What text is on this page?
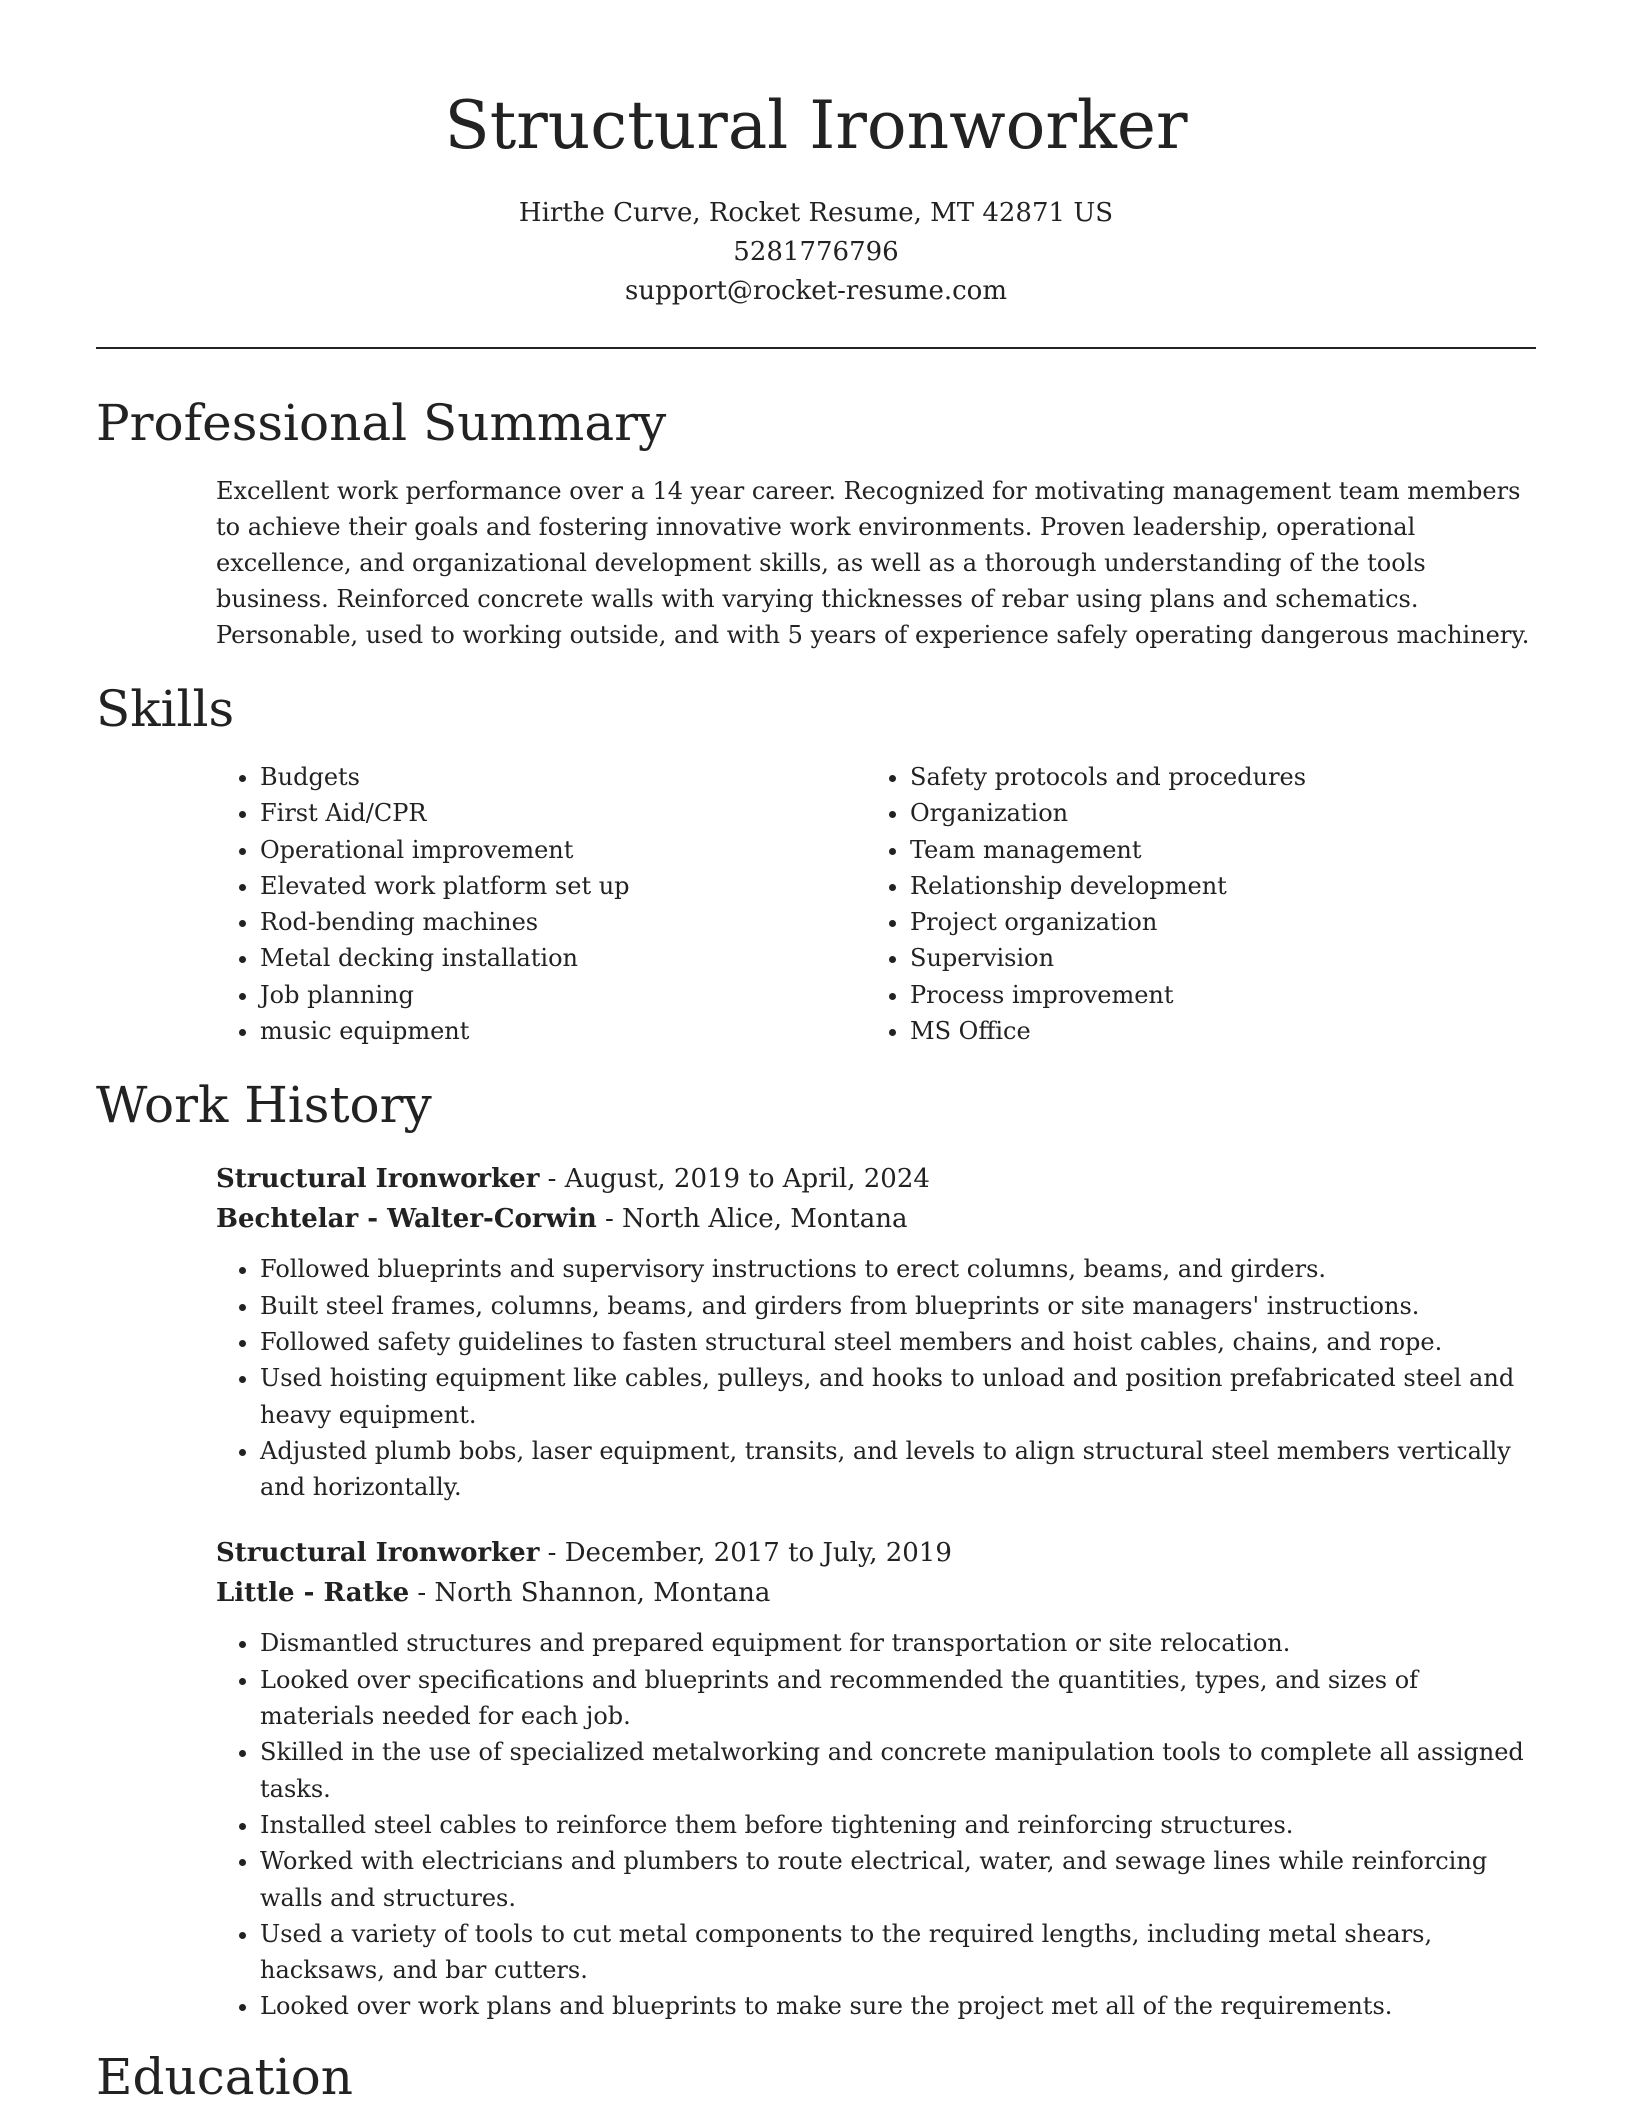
Structural Ironworker
Hirthe Curve, Rocket Resume, MT 42871 US
5281776796
support@rocket-resume.com
Professional Summary

Excellent work performance over a 14 year career. Recognized for motivating management team members to achieve their goals and fostering innovative work environments. Proven leadership, operational excellence, and organizational development skills, as well as a thorough understanding of the tools business. Reinforced concrete walls with varying thicknesses of rebar using plans and schematics. Personable, used to working outside, and with 5 years of experience safely operating dangerous machinery.

Skills
• Budgets
• First Aid/CPR
• Operational improvement
• Elevated work platform set up
• Rod-bending machines
• Metal decking installation
• Job planning
• music equipment
• Safety protocols and procedures
• Organization
• Team management
• Relationship development
• Project organization
• Supervision
• Process improvement
• MS Office
Work History
Structural Ironworker - August, 2019 to April, 2024
Bechtelar - Walter-Corwin - North Alice, Montana
• Followed blueprints and supervisory instructions to erect columns, beams, and girders.
• Built steel frames, columns, beams, and girders from blueprints or site managers' instructions.
• Followed safety guidelines to fasten structural steel members and hoist cables, chains, and rope.
• Used hoisting equipment like cables, pulleys, and hooks to unload and position prefabricated steel and heavy equipment.
• Adjusted plumb bobs, laser equipment, transits, and levels to align structural steel members vertically and horizontally.
Structural Ironworker - December, 2017 to July, 2019
Little - Ratke - North Shannon, Montana
• Dismantled structures and prepared equipment for transportation or site relocation.
• Looked over specifications and blueprints and recommended the quantities, types, and sizes of materials needed for each job.
• Skilled in the use of specialized metalworking and concrete manipulation tools to complete all assigned tasks.
• Installed steel cables to reinforce them before tightening and reinforcing structures.
• Worked with electricians and plumbers to route electrical, water, and sewage lines while reinforcing walls and structures.
• Used a variety of tools to cut metal components to the required lengths, including metal shears, hacksaws, and bar cutters.
• Looked over work plans and blueprints to make sure the project met all of the requirements.
Education
